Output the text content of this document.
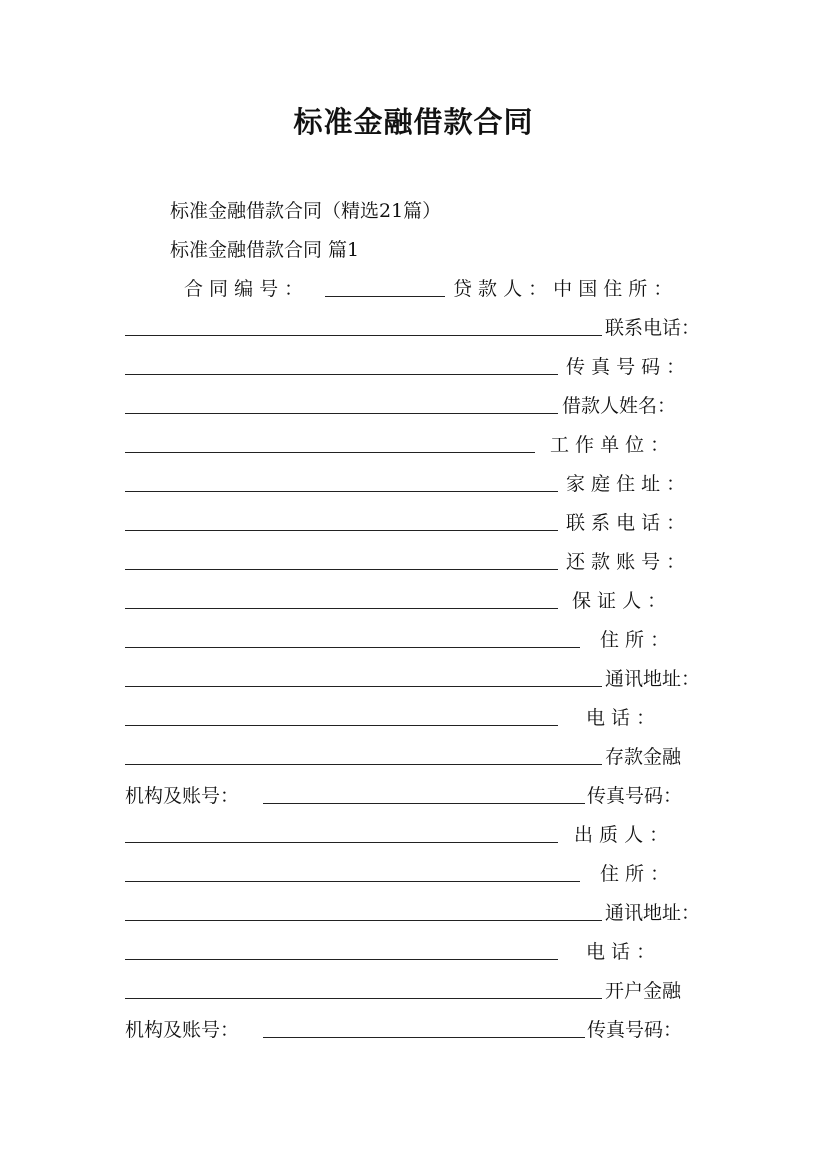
标准金融借款合同
标准金融借款合同（精选21篇）
标准金融借款合同 篇1
合 同 编 号 ：	贷 款 人 ： 中 国 住 所 ：
联系电话：
传 真 号 码 ：
借款人姓名：
工 作 单 位 ：
家 庭 住 址 ：
联 系 电 话 ：
还 款 账 号 ：
保 证 人 ：
住 所 ：
通讯地址：
电 话 ：
存款金融
机构及账号：	传真号码：
出 质 人 ：
住 所 ：
通讯地址：
电 话 ：
开户金融
机构及账号：	传真号码：
